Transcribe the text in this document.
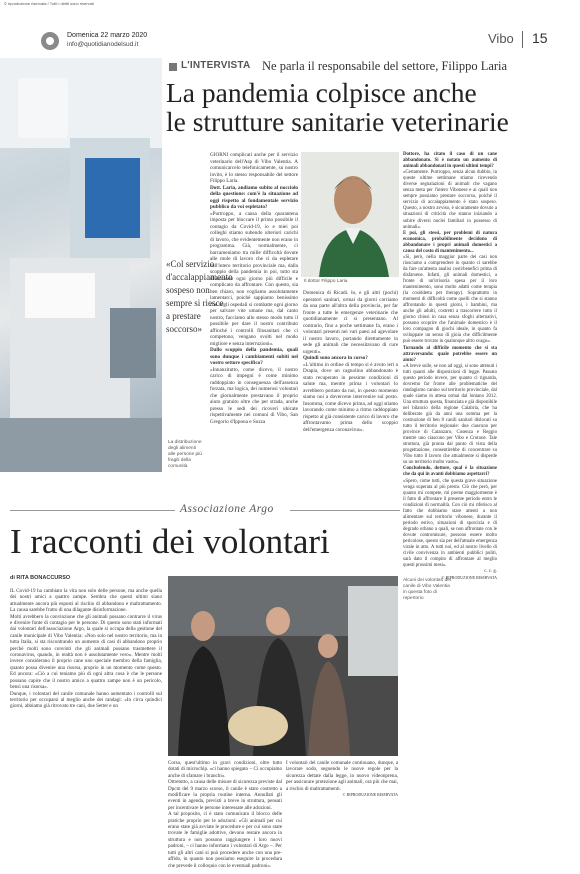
© riproduzione riservata / Tutti i diritti sono riservati
Domenica 22 marzo 2020
info@quotidianodelsud.it	Vibo 15
L'INTERVISTA Ne parla il responsabile del settore, Filippo Laria
La pandemia colpisce anche
le strutture sanitarie veterinarie
«Col servizio d'accalappiamento sospeso non sempre si riesce a prestare soccorso»
La distribuzione degli alimenti alle persone più fragili della comunità

GIORNI complicati anche per il servizio veterinario dell'Asp di Vibo Valentia. A comunicarcelo telefonicamente, su nostro invito, è lo stesso responsabile del settore Filippo Laria.

Dott. Laria, andiamo subito al nocciolo della questione: com'è la situazione ad oggi rispetto al fondamentale servizio pubblico da voi espletato?

«Purtroppo, a causa della quarantena imposta per bloccare il primo possibile il contagio da Covid-19, io e miei poi colleghi stiamo subendo ulteriori carichi di lavoro, che evidentemente non erano in programma. Già, normalmente, ci barcameniamo tra mille difficoltà dovute alle mole di lavoro che ci da espletare sull'intero territorio provinciale ma, dalla scoppio della pandemia in poi, tutto sta diventando ogni giorno più difficile e complicato da affrontare. Con questo, sia ben chiaro, non vogliamo assolutamente lamentarci, poiché sappiamo benissimo che negli ospedali si combatte ogni giorno per salvare vite umane ma, dal canto nostro, facciamo allo stesso modo tutto il possibile per dare il nostro contributo affinché i controlli filosanitari che ci competono, vengano svolti nel modo migliore e senza interruzioni».

Dallo scoppio della pandemia, quali sono dunque i cambiamenti subiti nel vostro settore specifico?

«Innanzitutto, come dicevo, il nostro carico di impegni è come minimo raddoppiato in conseguenza dell'assenza forzata, ma logica, dei numerosi volontari che giornalmente prestavano il proprio aiuto gratuito oltre che per strada, anche presso le sedi dei ricoveri ubicate rispettivamente nei comuni di Vibo, San Gregorio d'Ippona e Sozza

Il dottor Filippo Laria

Domenica di Ricadi. Io, e gli altri (pochi) operatori sanitari, ormai da giorni corriamo da una parte all'altra della provincia, per far fronte a tutte le emergenze veterinarie che quotidianamente ci si presentano. Al contrario, fino a poche settimane fa, erano i volontari presenti nei vari paesi ad agevolare il nostro lavoro, portando direttamente in sede gli animali che necessitavano di cure urgenti».

Quindi sono ancora in corso?

«L'ultimo in ordine di tempo si è avuto ieri a Drapia, dove un cagnolino abbandonato è stato recuperato in pessime condizioni di salute ma, mentre prima i volontari lo avrebbero portato da noi, in questo momento siamo noi a dovercene intervenire sul posto. Insomma, come dicevo prima, ad oggi stiamo lavorando come minimo a ritmo raddoppiato rispetto al già consistente carico di lavoro che affrontavamo prima dello scoppio dell'emergenza coronavirus».

Dottore, ha citato il caso di un cane abbandonato. Si è notato un aumento di animali abbandonati in questi ultimi tempi?

«Certamente. Purtroppo, senza alcun dubbio, in queste ultime settimane stiamo ricevendo diverse segnalazioni di animali che vagano senza meta per l'intero Vibonese e ai quali non sempre possiamo prestare soccorso, poiché il servizio di accalappiamento è stato sospeso. Questo, a nostro avviso, è sicuramente dovuto a situazioni di criticità che stanno iniziando a subire diversi nuclei familiari in possesso di animali».

E poi, gli stessi, per problemi di natura economica, probabilmente decidono di abbandonare i propri animali domestici a causa del costo di mantenimento...

«Sì, però, nella maggior parte dei casi non riusciamo a comprendere in quanto ci sarebbe da fare un'attenta analisi costi/benefici prima di disfarsene. Infatti, gli animali domestici, a fronte di un'irrisoria spesa per il loro mantenimento, sono molto adatti come terapia (la cosiddetta pet therapy). Soprattutto in momenti di difficoltà come quelli che si stanno affrontando in questi giorni, i bambini, ma anche gli adulti, costretti a trascorrere tutto il giorno chiusi in casa senza sfoghi alternativi, possono scoprire che l'animale domestico è il loro compagno di giochi ideale, in quanto fa sviluppare un senso di gioia che difficilmente può essere trovato in qualunque altro svago».

Tornando al difficile momento che si sta attraversando: quale potrebbe essere un aiuto?

«A breve sulle, se non ad oggi, si sono attenuti i tutti quanti alle disposizioni di legge. Passato questo periodo invece, per quanto ci riguarda, dovremo far fronte alle problematiche del randagismo canino sul territorio provinciale, dal quale siamo in attesa ormai dal lontano 2012. Una struttura questa, finanziata e già disponibile nel bilancio della regione Calabria, che ha deliberato già da anni una somma per la costruzione di ben 8 canili sanitari dislocati su tutto il territorio regionale: due ciascuno per province di Catanzaro, Cosenza e Reggio mentre uno ciascuno per Vibo e Crotone. Tale struttura, già pronta dal punto di vista della progettazione, consentirebbe di concentrare su Vibo tutto il lavoro che attualmente si disperde su un territorio molto vasto».

Concludendo, dottore, qual è la situazione che da qui in avanti dobbiamo aspettarci?

«Spero, come tutti, che questa grave situazione venga superata al più presto. Ciò che però, per quanto mi compete, mi preme maggiormente è il fatto di affrontare il presente periodo entro le condizioni di normalità. Con ciò mi riferisco al fatto che dobbiamo stare attenti a non alimentare sul territorio vibonese, durante il periodo estivo, situazioni di sporcizia e di degrado urbano a quali, se non affrontate con le dovute contromisure, possono essere molto pericolose, questo sia per dell'attuale emergenza virale in atto. A tutti noi, ed al nostro livello di civile convivenza in ambienti pubblici puliti, sarà dato il compito di affrontare al meglio questi prossimi mesi».

c. c. g.

© RIPRODUZIONE RISERVATA

Associazione Argo
I racconti dei volontari
di RITA BONACCURSO

IL Covid-19 ha cambiato la vita non solo delle persone, ma anche quella dei nostri amici a quattro zampe. Sembra che questi ultimi siano attualmente ancora più esposti al rischio di abbandono e maltrattamento. La causa sarebbe frutto di una dilagante disinformazione.

Molti avrebbero la convinzione che gli animali possano contrarre il virus e divenire fonte di contagio per le persone. Di questo sono stati informati dai volontari dell'associazione Argo, la quale si occupa della gestione del canile municipale di Vibo Valentia: «Non solo nel nostro territorio, ma in tutta Italia, si sta riscontrando un aumento di casi di abbandono proprio perché molti sono convinti che gli animali possano trasmettere il coronavirus, quando, in realtà non è assolutamente vero». Mentre molti invece considerano il proprio cane uno speciale membro della famiglia, quanto possa divenire una risorsa, proprio in un momento come questo. Ed ancora: «Ciò a cui teniamo più di ogni altra cosa è che le persone possano capire che il nostro amico a quattro zampe non è un pericolo, bensì una risorsa».

Dunque, i volontari del canile comunale hanno aumentato i controlli sul territorio per occuparsi al meglio anche dei randagi: «In circa quindici giorni, abbiamo già ritrovato tre cani, due Setter e un

Alcuni dei volontari del canile di Vibo Valentia in questa foto di repertorio

Corso, quest'ultimo in gravi condizioni, oltre tutto dotati di microchip. «ci hanno spiegato – Ci occupiamo anche di sfamare i branchi».

Ottretutto, a causa delle misure di sicurezza previste dal Dpcm del 9 marzo scorso, il canile è stato costretto a modificare la propria routine interna. Annullati gli eventi in agenda, previsti a breve in struttura, pensati per incentivare le persone interessate alle adozioni.

A tal proposito, ci è stato comunicato il blocco delle pratiche proprio per le adozioni: «Gli animali per cui erano state già avviate le procedure e per cui sono state trovate le famiglie adottive, devono restare ancora in struttura e non possono raggiungere i loro nuovi padroni, – ci hanno informato i volontari di Argo –. Per tutti gli altri cani si può procedere anche con una pre-affido, in quanto non possiamo eseguire la procedura che prevede il colloquio con le eventuali padroni».

I volontari del canile comunale continuano, dunque, a lavorare sodo, seguendo le nuove regole per la sicurezza dettate dalla legge, in nuovo videonprena, per assicurare protezione agli animali, ora più che mai, a rischio di maltrattamenti.

© RIPRODUZIONE RISERVATA
